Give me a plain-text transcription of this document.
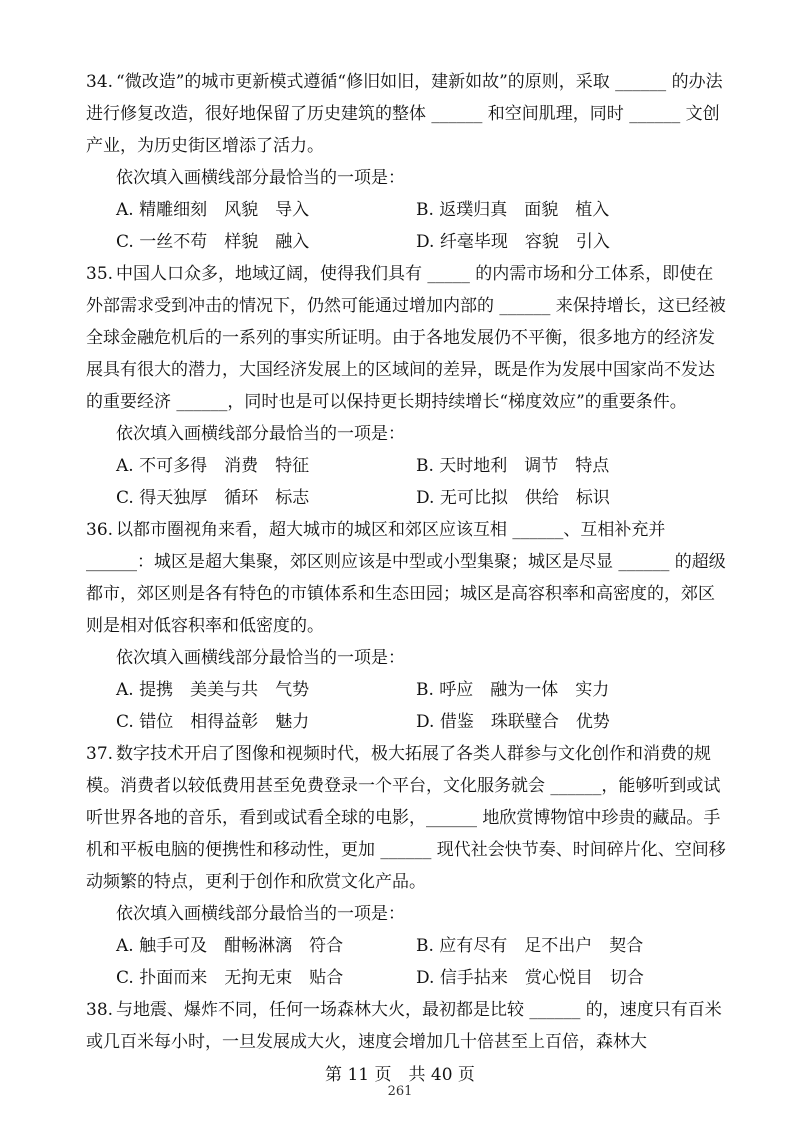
34. “微改造”的城市更新模式遵循“修旧如旧，建新如故”的原则，采取 ______ 的办法进行修复改造，很好地保留了历史建筑的整体 ______ 和空间肌理，同时 ______ 文创产业，为历史街区增添了活力。
依次填入画横线部分最恰当的一项是：
A. 精雕细刻　风貌　导入	B. 返璞归真　面貌　植入
C. 一丝不苟　样貌　融入	D. 纤毫毕现　容貌　引入
35. 中国人口众多，地域辽阔，使得我们具有 _____ 的内需市场和分工体系，即使在外部需求受到冲击的情况下，仍然可能通过增加内部的 ______ 来保持增长，这已经被全球金融危机后的一系列的事实所证明。由于各地发展仍不平衡，很多地方的经济发展具有很大的潜力，大国经济发展上的区域间的差异，既是作为发展中国家尚不发达的重要经济 ______，同时也是可以保持更长期持续增长“梯度效应”的重要条件。
依次填入画横线部分最恰当的一项是：
A. 不可多得　消费　特征	B. 天时地利　调节　特点
C. 得天独厚　循环　标志	D. 无可比拟　供给　标识
36. 以都市圈视角来看，超大城市的城区和郊区应该互相 ______、互相补充并 ______：城区是超大集聚，郊区则应该是中型或小型集聚；城区是尽显 ______ 的超级都市，郊区则是各有特色的市镇体系和生态田园；城区是高容积率和高密度的，郊区则是相对低容积率和低密度的。
依次填入画横线部分最恰当的一项是：
A. 提携　美美与共　气势	B. 呼应　融为一体　实力
C. 错位　相得益彰　魅力	D. 借鉴　珠联璧合　优势
37. 数字技术开启了图像和视频时代，极大拓展了各类人群参与文化创作和消费的规模。消费者以较低费用甚至免费登录一个平台，文化服务就会 ______，能够听到或试听世界各地的音乐，看到或试看全球的电影，______ 地欣赏博物馆中珍贵的藏品。手机和平板电脑的便携性和移动性，更加 ______ 现代社会快节奏、时间碎片化、空间移动频繁的特点，更利于创作和欣赏文化产品。
依次填入画横线部分最恰当的一项是：
A. 触手可及　酣畅淋漓　符合	B. 应有尽有　足不出户　契合
C. 扑面而来　无拘无束　贴合	D. 信手拈来　赏心悦目　切合
38. 与地震、爆炸不同，任何一场森林大火，最初都是比较 ______ 的，速度只有百米或几百米每小时，一旦发展成大火，速度会增加几十倍甚至上百倍，森林大
第 11 页　共 40 页
261
